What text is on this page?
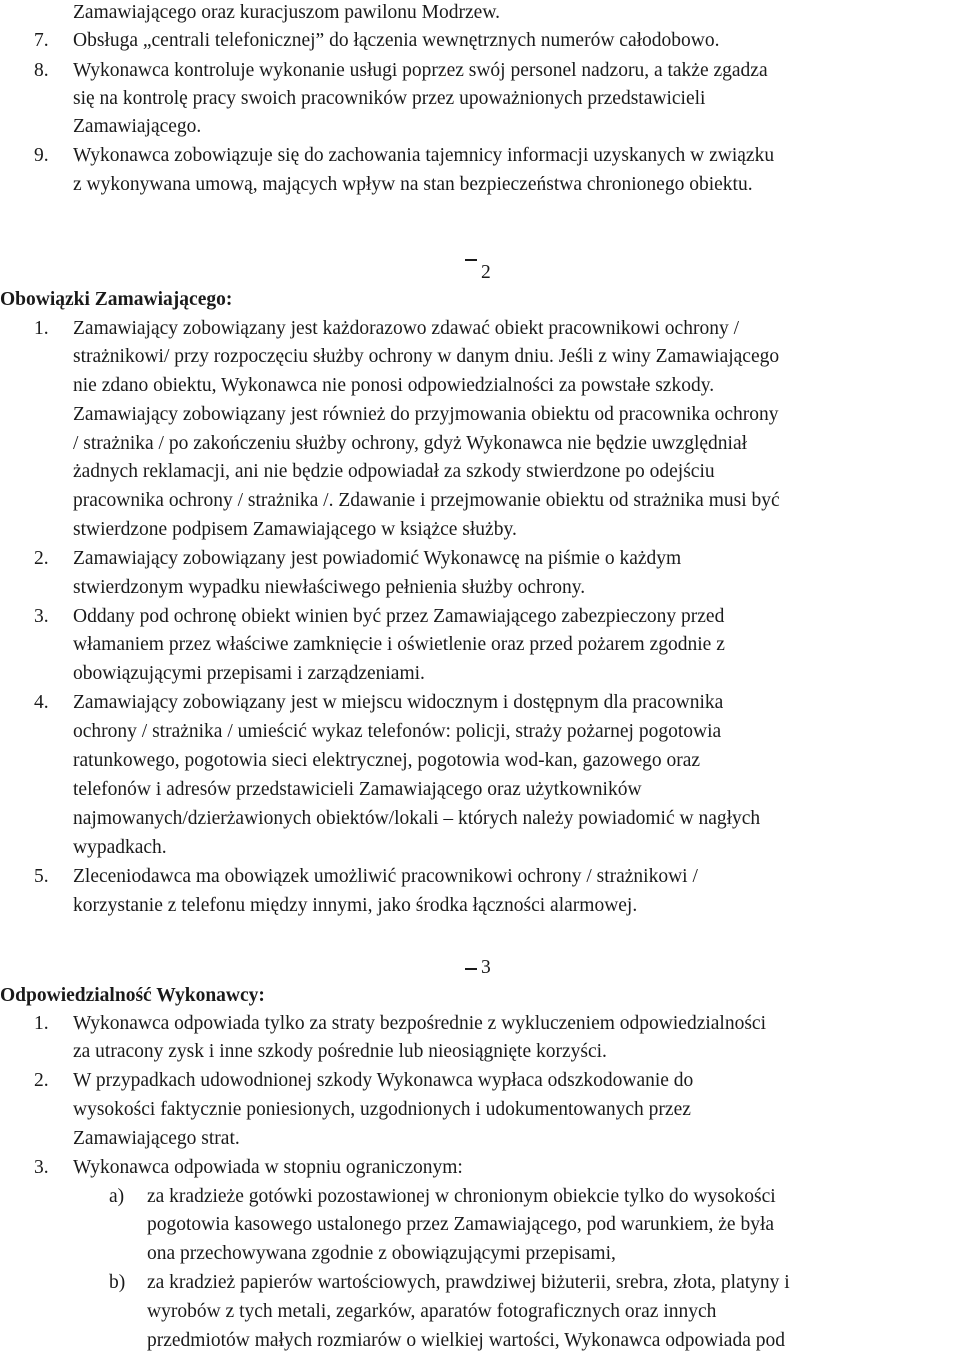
Zamawiającego oraz kuracjuszom pawilonu Modrzew.
7. Obsługa „centrali telefonicznej” do łączenia wewnętrznych numerów całodobowo.
8. Wykonawca kontroluje wykonanie usługi poprzez swój personel nadzoru, a także zgadza
się na kontrolę pracy swoich pracowników przez upoważnionych przedstawicieli
Zamawiającego.
9. Wykonawca zobowiązuje się do zachowania tajemnicy informacji uzyskanych w związku
z wykonywana umową, mających wpływ na stan bezpieczeństwa chronionego obiektu.
2
Obowiązki Zamawiającego:
1. Zamawiający zobowiązany jest każdorazowo zdawać obiekt pracownikowi ochrony /
strażnikowi/ przy rozpoczęciu służby ochrony w danym dniu. Jeśli z winy Zamawiającego
nie zdano obiektu, Wykonawca nie ponosi odpowiedzialności za powstałe szkody.
Zamawiający zobowiązany jest również do przyjmowania obiektu od pracownika ochrony
/ strażnika / po zakończeniu służby ochrony, gdyż Wykonawca nie będzie uwzględniał
żadnych reklamacji, ani nie będzie odpowiadał za szkody stwierdzone po odejściu
pracownika ochrony / strażnika /. Zdawanie i przejmowanie obiektu od strażnika musi być
stwierdzone podpisem Zamawiającego w książce służby.
2. Zamawiający zobowiązany jest powiadomić Wykonawcę na piśmie o każdym
stwierdzonym wypadku niewłaściwego pełnienia służby ochrony.
3. Oddany pod ochronę obiekt winien być przez Zamawiającego zabezpieczony przed
włamaniem przez właściwe zamknięcie i oświetlenie oraz przed pożarem zgodnie z
obowiązującymi przepisami i zarządzeniami.
4. Zamawiający zobowiązany jest w miejscu widocznym i dostępnym dla pracownika
ochrony / strażnika / umieścić wykaz telefonów: policji, straży pożarnej pogotowia
ratunkowego, pogotowia sieci elektrycznej, pogotowia wod-kan, gazowego oraz
telefonów i adresów przedstawicieli Zamawiającego oraz użytkowników
najmowanych/dzierżawionych obiektów/lokali – których należy powiadomić w nagłych
wypadkach.
5. Zleceniodawca ma obowiązek umożliwić pracownikowi ochrony / strażnikowi /
korzystanie z telefonu między innymi, jako środka łączności alarmowej.
3
Odpowiedzialność Wykonawcy:
1. Wykonawca odpowiada tylko za straty bezpośrednie z wykluczeniem odpowiedzialności
za utracony zysk i inne szkody pośrednie lub nieosiągnięte korzyści.
2. W przypadkach udowodnionej szkody Wykonawca wypłaca odszkodowanie do
wysokości faktycznie poniesionych, uzgodnionych i udokumentowanych przez
Zamawiającego strat.
3. Wykonawca odpowiada w stopniu ograniczonym:
a) za kradzieże gotówki pozostawionej w chronionym obiekcie tylko do wysokości
pogotowia kasowego ustalonego przez Zamawiającego, pod warunkiem, że była
ona przechowywana zgodnie z obowiązującymi przepisami,
b) za kradzież papierów wartościowych, prawdziwej biżuterii, srebra, złota, platyny i
wyrobów z tych metali, zegarków, aparatów fotograficznych oraz innych
przedmiotów małych rozmiarów o wielkiej wartości, Wykonawca odpowiada pod
